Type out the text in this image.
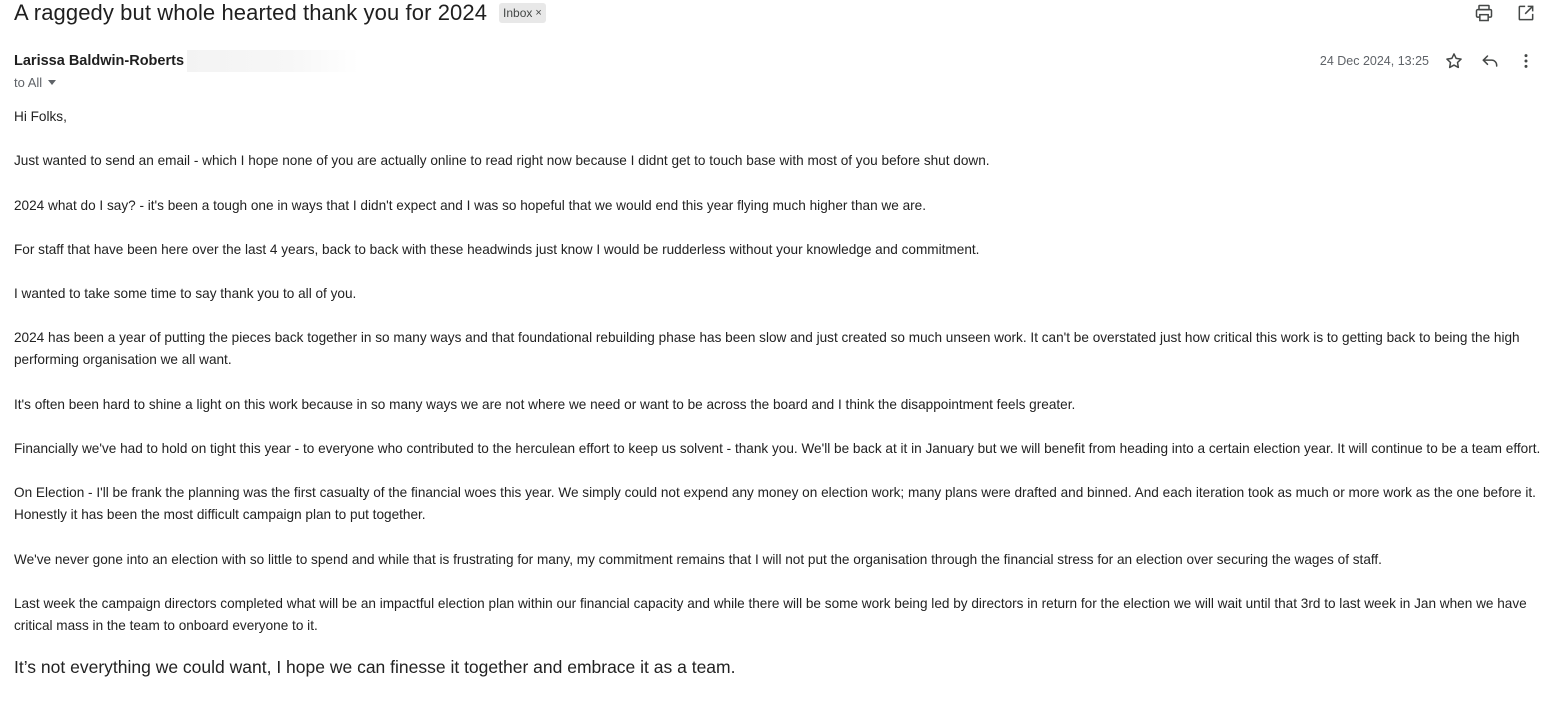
A raggedy but whole hearted thank you for 2024 Inbox ×
Larissa Baldwin-Roberts
to All
24 Dec 2024, 13:25

Hi Folks,

Just wanted to send an email - which I hope none of you are actually online to read right now because I didnt get to touch base with most of you before shut down.

2024 what do I say? - it's been a tough one in ways that I didn't expect and I was so hopeful that we would end this year flying much higher than we are.

For staff that have been here over the last 4 years, back to back with these headwinds just know I would be rudderless without your knowledge and commitment.

I wanted to take some time to say thank you to all of you.

2024 has been a year of putting the pieces back together in so many ways and that foundational rebuilding phase has been slow and just created so much unseen work. It can't be overstated just how critical this work is to getting back to being the high performing organisation we all want.

It's often been hard to shine a light on this work because in so many ways we are not where we need or want to be across the board and I think the disappointment feels greater.

Financially we've had to hold on tight this year - to everyone who contributed to the herculean effort to keep us solvent - thank you. We'll be back at it in January but we will benefit from heading into a certain election year. It will continue to be a team effort.

On Election - I'll be frank the planning was the first casualty of the financial woes this year. We simply could not expend any money on election work; many plans were drafted and binned. And each iteration took as much or more work as the one before it. Honestly it has been the most difficult campaign plan to put together.

We've never gone into an election with so little to spend and while that is frustrating for many, my commitment remains that I will not put the organisation through the financial stress for an election over securing the wages of staff.

Last week the campaign directors completed what will be an impactful election plan within our financial capacity and while there will be some work being led by directors in return for the election we will wait until that 3rd to last week in Jan when we have critical mass in the team to onboard everyone to it.

It’s not everything we could want, I hope we can finesse it together and embrace it as a team.
